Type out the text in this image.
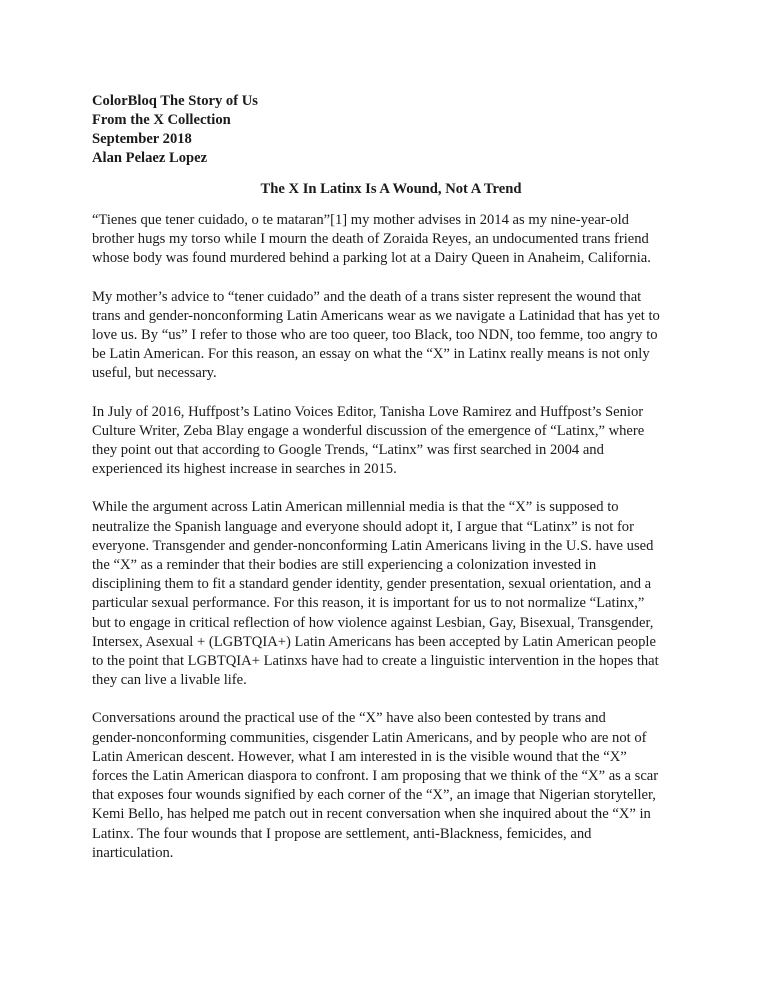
ColorBloq The Story of Us
From the X Collection
September 2018
Alan Pelaez Lopez
The X In Latinx Is A Wound, Not A Trend
“Tienes que tener cuidado, o te mataran”[1] my mother advises in 2014 as my nine-year-old
brother hugs my torso while I mourn the death of Zoraida Reyes, an undocumented trans friend
whose body was found murdered behind a parking lot at a Dairy Queen in Anaheim, California.
My mother’s advice to “tener cuidado” and the death of a trans sister represent the wound that
trans and gender-nonconforming Latin Americans wear as we navigate a Latinidad that has yet to
love us. By “us” I refer to those who are too queer, too Black, too NDN, too femme, too angry to
be Latin American. For this reason, an essay on what the “X” in Latinx really means is not only
useful, but necessary.
In July of 2016, Huffpost’s Latino Voices Editor, Tanisha Love Ramirez and Huffpost’s Senior
Culture Writer, Zeba Blay engage a wonderful discussion of the emergence of “Latinx,” where
they point out that according to Google Trends, “Latinx” was first searched in 2004 and
experienced its highest increase in searches in 2015.
While the argument across Latin American millennial media is that the “X” is supposed to
neutralize the Spanish language and everyone should adopt it, I argue that “Latinx” is not for
everyone. Transgender and gender-nonconforming Latin Americans living in the U.S. have used
the “X” as a reminder that their bodies are still experiencing a colonization invested in
disciplining them to fit a standard gender identity, gender presentation, sexual orientation, and a
particular sexual performance. For this reason, it is important for us to not normalize “Latinx,”
but to engage in critical reflection of how violence against Lesbian, Gay, Bisexual, Transgender,
Intersex, Asexual + (LGBTQIA+) Latin Americans has been accepted by Latin American people
to the point that LGBTQIA+ Latinxs have had to create a linguistic intervention in the hopes that
they can live a livable life.
Conversations around the practical use of the “X” have also been contested by trans and
gender-nonconforming communities, cisgender Latin Americans, and by people who are not of
Latin American descent. However, what I am interested in is the visible wound that the “X”
forces the Latin American diaspora to confront. I am proposing that we think of the “X” as a scar
that exposes four wounds signified by each corner of the “X”, an image that Nigerian storyteller,
Kemi Bello, has helped me patch out in recent conversation when she inquired about the “X” in
Latinx. The four wounds that I propose are settlement, anti-Blackness, femicides, and
inarticulation.
